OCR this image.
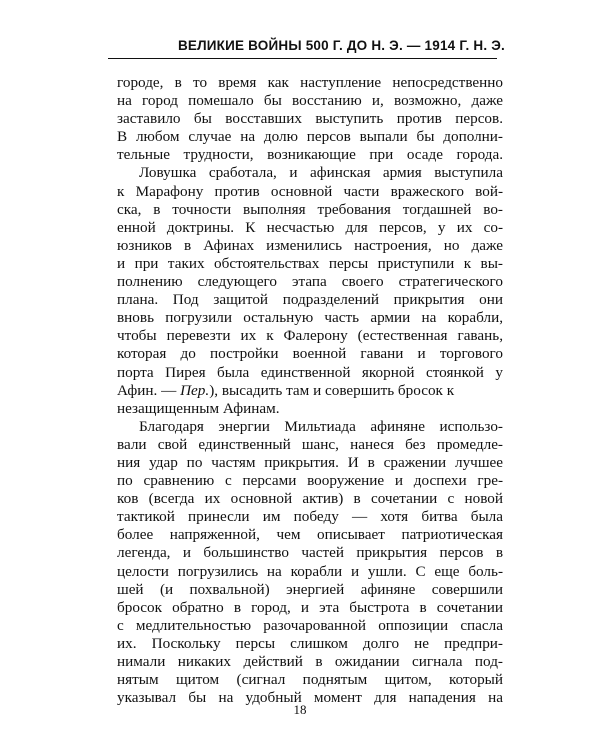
ВЕЛИКИЕ ВОЙНЫ 500 Г. ДО Н. Э. — 1914 Г. Н. Э.
городе, в то время как наступление непосредственно
на город помешало бы восстанию и, возможно, даже
заставило бы восставших выступить против персов.
В любом случае на долю персов выпали бы дополни-
тельные трудности, возникающие при осаде города.
Ловушка сработала, и афинская армия выступила
к Марафону против основной части вражеского вой-
ска, в точности выполняя требования тогдашней во-
енной доктрины. К несчастью для персов, у их со-
юзников в Афинах изменились настроения, но даже
и при таких обстоятельствах персы приступили к вы-
полнению следующего этапа своего стратегического
плана. Под защитой подразделений прикрытия они
вновь погрузили остальную часть армии на корабли,
чтобы перевезти их к Фалерону (естественная гавань,
которая до постройки военной гавани и торгового
порта Пирея была единственной якорной стоянкой у
Афин. — Пер.), высадить там и совершить бросок к
незащищенным Афинам.
Благодаря энергии Мильтиада афиняне использо-
вали свой единственный шанс, нанеся без промедле-
ния удар по частям прикрытия. И в сражении лучшее
по сравнению с персами вооружение и доспехи гре-
ков (всегда их основной актив) в сочетании с новой
тактикой принесли им победу — хотя битва была
более напряженной, чем описывает патриотическая
легенда, и большинство частей прикрытия персов в
целости погрузились на корабли и ушли. С еще боль-
шей (и похвальной) энергией афиняне совершили
бросок обратно в город, и эта быстрота в сочетании
с медлительностью разочарованной оппозиции спасла
их. Поскольку персы слишком долго не предпри-
нимали никаких действий в ожидании сигнала под-
нятым щитом (сигнал поднятым щитом, который
указывал бы на удобный момент для нападения на
18
